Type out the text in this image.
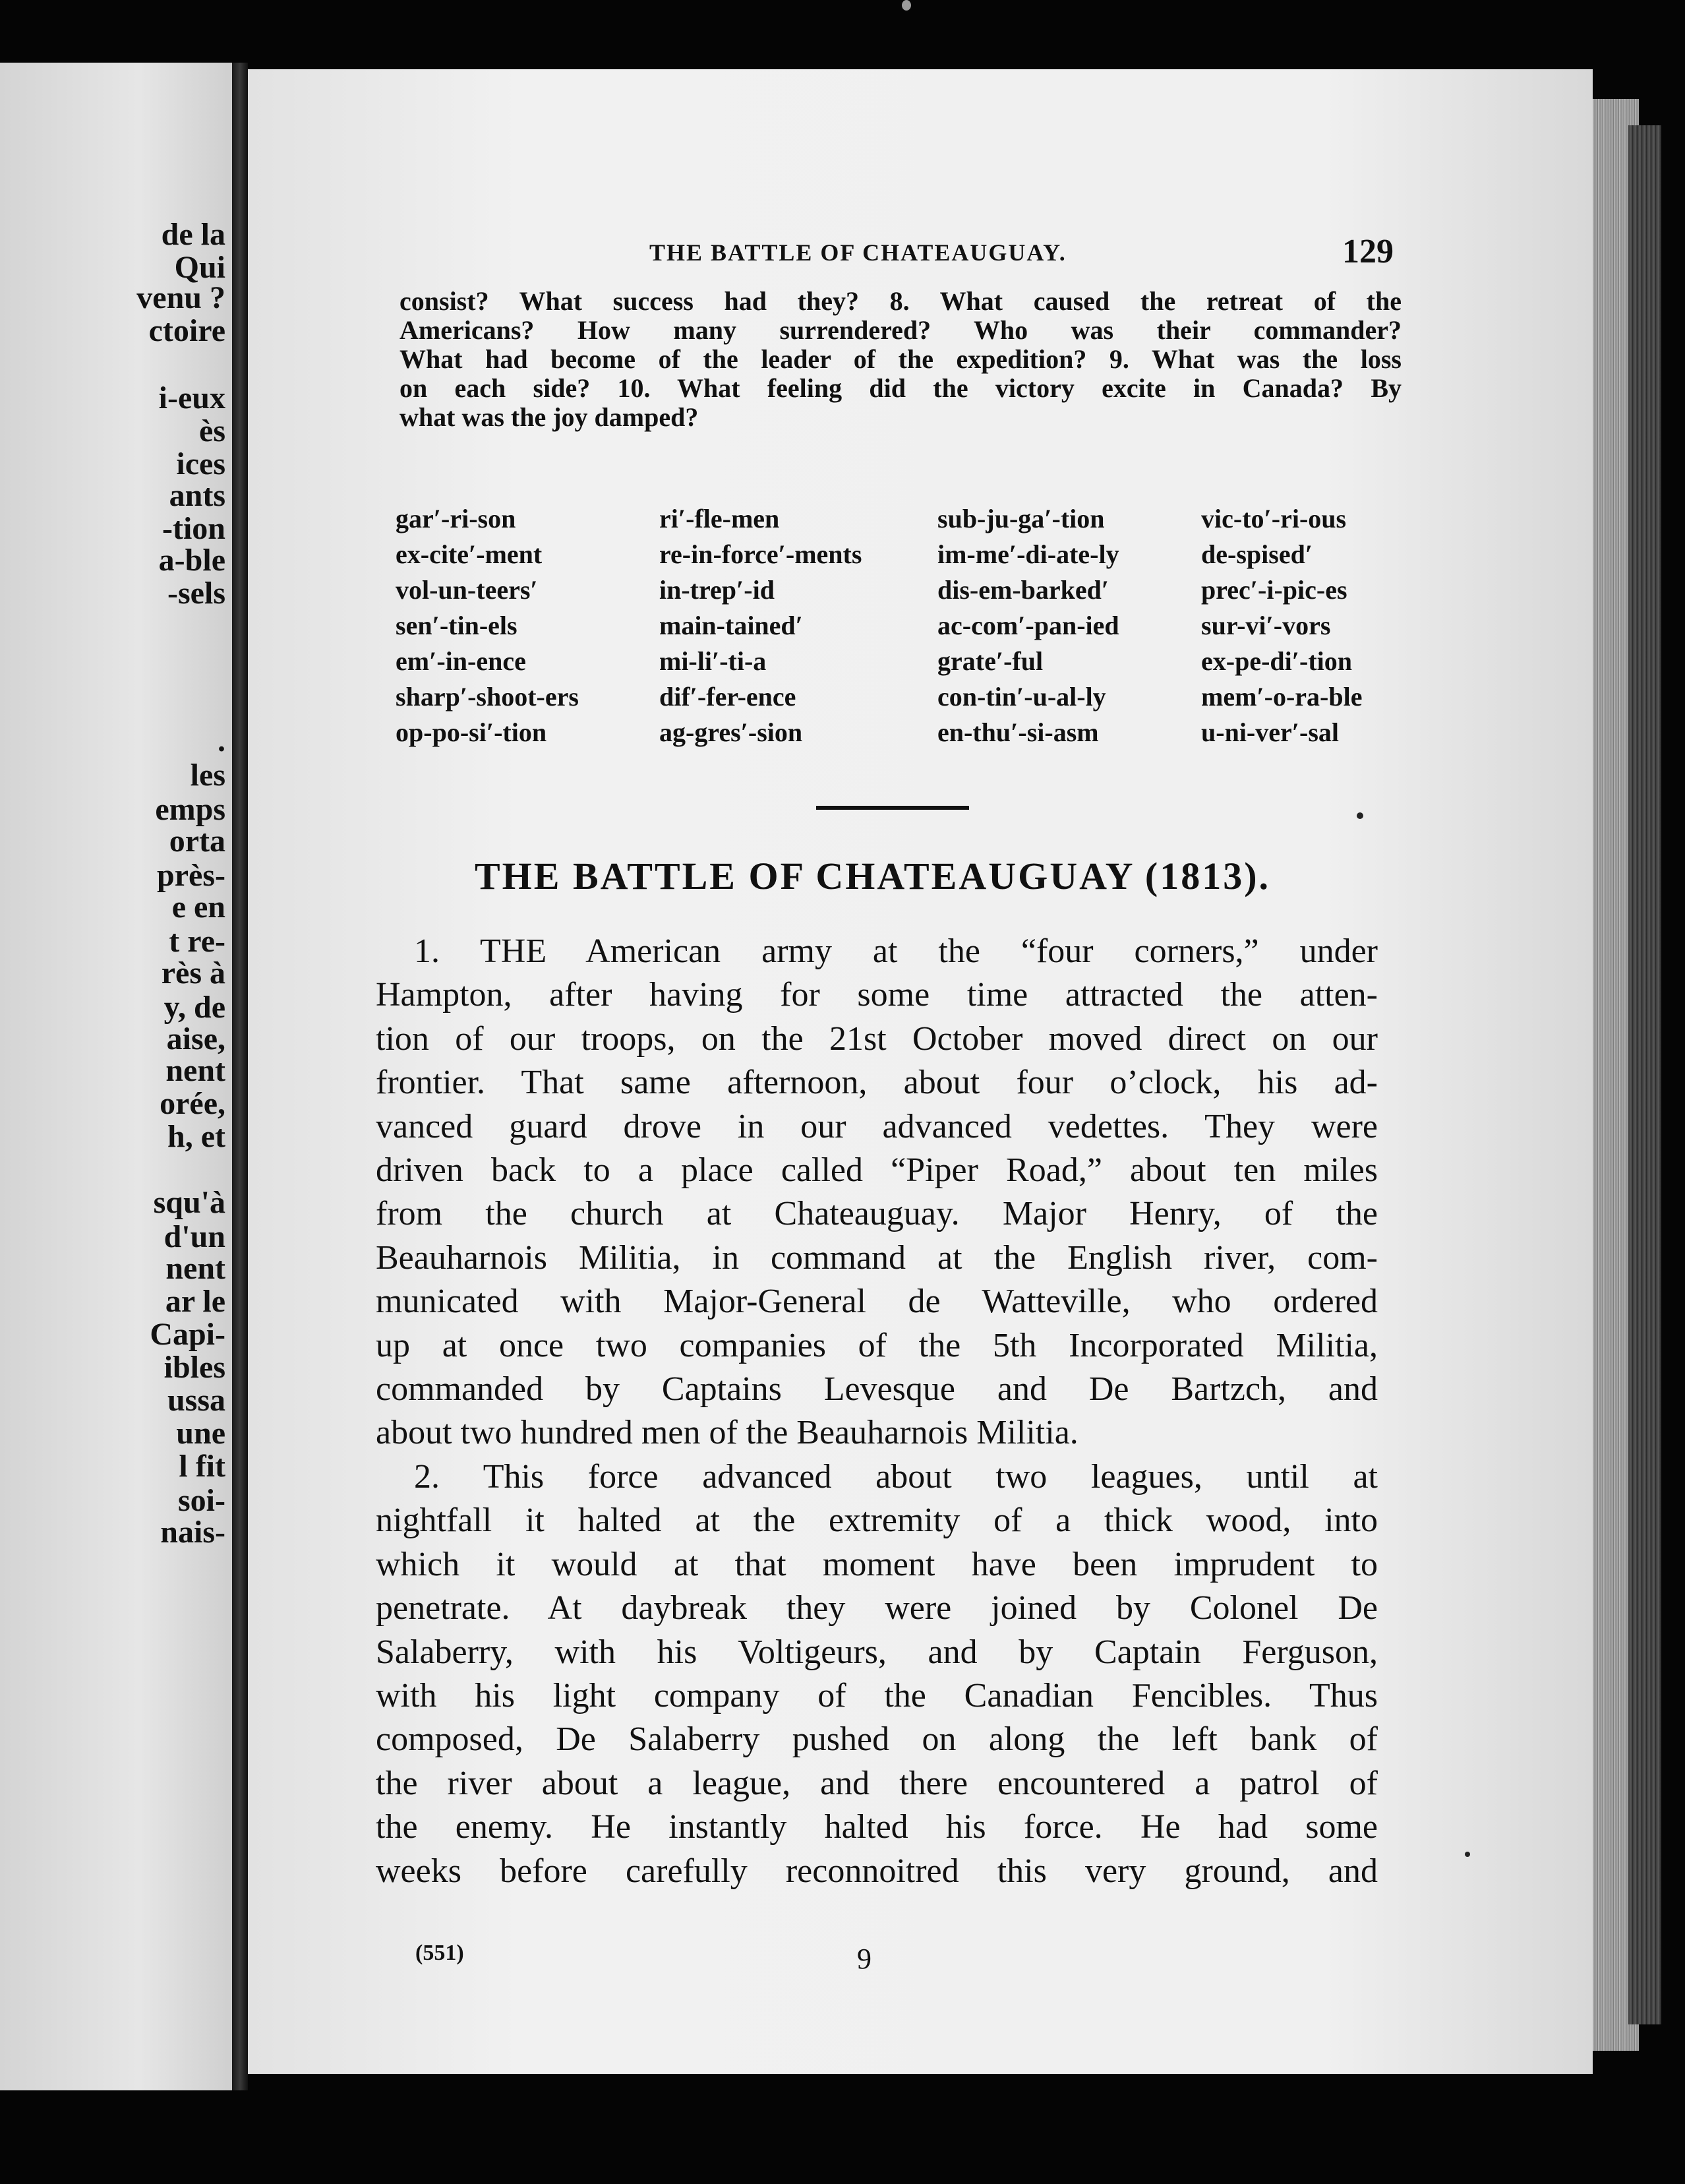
de la
Qui
venu ?
ctoire
i-eux
ès
ices
ants
-tion
a-ble
-sels
.
les
emps
orta
près-
e en
t re-
rès à
y, de
aise,
nent
orée,
h, et
squ'à
d'un
nent
ar le
Capi-
ibles
ussa
une
l fit
soi-
nais-
THE BATTLE OF CHATEAUGUAY.	129
consist? What success had they? 8. What caused the retreat of the
Americans? How many surrendered? Who was their commander?
What had become of the leader of the expedition? 9. What was the loss
on each side? 10. What feeling did the victory excite in Canada? By
what was the joy damped?
gar′-ri-son
ex-cite′-ment
vol-un-teers′
sen′-tin-els
em′-in-ence
sharp′-shoot-ers
op-po-si′-tion
ri′-fle-men
re-in-force′-ments
in-trep′-id
main-tained′
mi-li′-ti-a
dif′-fer-ence
ag-gres′-sion
sub-ju-ga′-tion
im-me′-di-ate-ly
dis-em-barked′
ac-com′-pan-ied
grate′-ful
con-tin′-u-al-ly
en-thu′-si-asm
vic-to′-ri-ous
de-spised′
prec′-i-pic-es
sur-vi′-vors
ex-pe-di′-tion
mem′-o-ra-ble
u-ni-ver′-sal
THE BATTLE OF CHATEAUGUAY (1813).
1. THE American army at the “four corners,” under
Hampton, after having for some time attracted the atten-
tion of our troops, on the 21st October moved direct on our
frontier. That same afternoon, about four o’clock, his ad-
vanced guard drove in our advanced vedettes. They were
driven back to a place called “Piper Road,” about ten miles
from the church at Chateauguay. Major Henry, of the
Beauharnois Militia, in command at the English river, com-
municated with Major-General de Watteville, who ordered
up at once two companies of the 5th Incorporated Militia,
commanded by Captains Levesque and De Bartzch, and
about two hundred men of the Beauharnois Militia.
2. This force advanced about two leagues, until at
nightfall it halted at the extremity of a thick wood, into
which it would at that moment have been imprudent to
penetrate. At daybreak they were joined by Colonel De
Salaberry, with his Voltigeurs, and by Captain Ferguson,
with his light company of the Canadian Fencibles. Thus
composed, De Salaberry pushed on along the left bank of
the river about a league, and there encountered a patrol of
the enemy. He instantly halted his force. He had some
weeks before carefully reconnoitred this very ground, and
(551)	9
